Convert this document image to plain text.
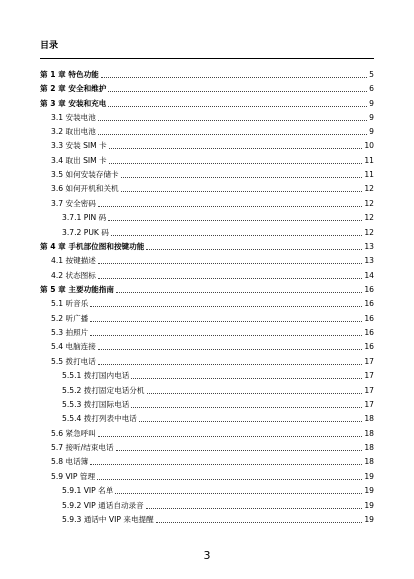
目录
第 1 章 特色功能	5
第 2 章 安全和维护	6
第 3 章 安装和充电	9
3.1 安装电池	9
3.2 取出电池	9
3.3 安装 SIM 卡	10
3.4 取出 SIM 卡	11
3.5 如何安装存储卡	11
3.6 如何开机和关机	12
3.7 安全密码	12
3.7.1 PIN 码	12
3.7.2 PUK 码	12
第 4 章 手机部位图和按键功能	13
4.1 按键描述	13
4.2 状态图标	14
第 5 章 主要功能指南	16
5.1 听音乐	16
5.2 听广播	16
5.3 拍照片	16
5.4 电脑连接	16
5.5 拨打电话	17
5.5.1 拨打国内电话	17
5.5.2 拨打固定电话分机	17
5.5.3 拨打国际电话	17
5.5.4 拨打列表中电话	18
5.6 紧急呼叫	18
5.7 接听/结束电话	18
5.8 电话簿	18
5.9 VIP 管理	19
5.9.1 VIP 名单	19
5.9.2 VIP 通话自动录音	19
5.9.3 通话中 VIP 来电提醒	19
3
